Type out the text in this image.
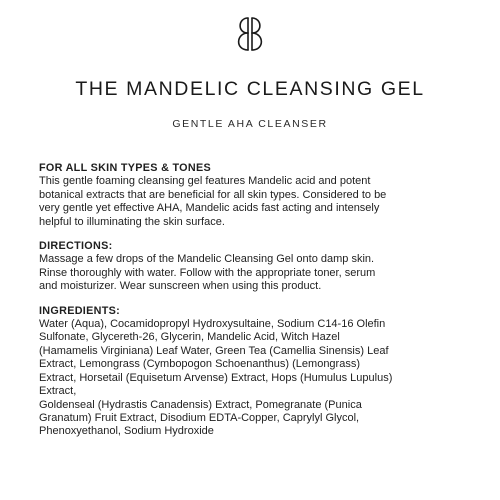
THE MANDELIC CLEANSING GEL
GENTLE AHA CLEANSER

FOR ALL SKIN TYPES & TONES

This gentle foaming cleansing gel features Mandelic acid and potent
botanical extracts that are beneficial for all skin types. Considered to be
very gentle yet effective AHA, Mandelic acids fast acting and intensely
helpful to illuminating the skin surface.

DIRECTIONS:

Massage a few drops of the Mandelic Cleansing Gel onto damp skin.
Rinse thoroughly with water. Follow with the appropriate toner, serum
and moisturizer. Wear sunscreen when using this product.

INGREDIENTS:

Water (Aqua), Cocamidopropyl Hydroxysultaine, Sodium C14-16 Olefin
Sulfonate, Glycereth-26, Glycerin, Mandelic Acid, Witch Hazel
(Hamamelis Virginiana) Leaf Water, Green Tea (Camellia Sinensis) Leaf
Extract, Lemongrass (Cymbopogon Schoenanthus) (Lemongrass)
Extract, Horsetail (Equisetum Arvense) Extract, Hops (Humulus Lupulus)
Extract,
Goldenseal (Hydrastis Canadensis) Extract, Pomegranate (Punica
Granatum) Fruit Extract, Disodium EDTA-Copper, Caprylyl Glycol,
Phenoxyethanol, Sodium Hydroxide
